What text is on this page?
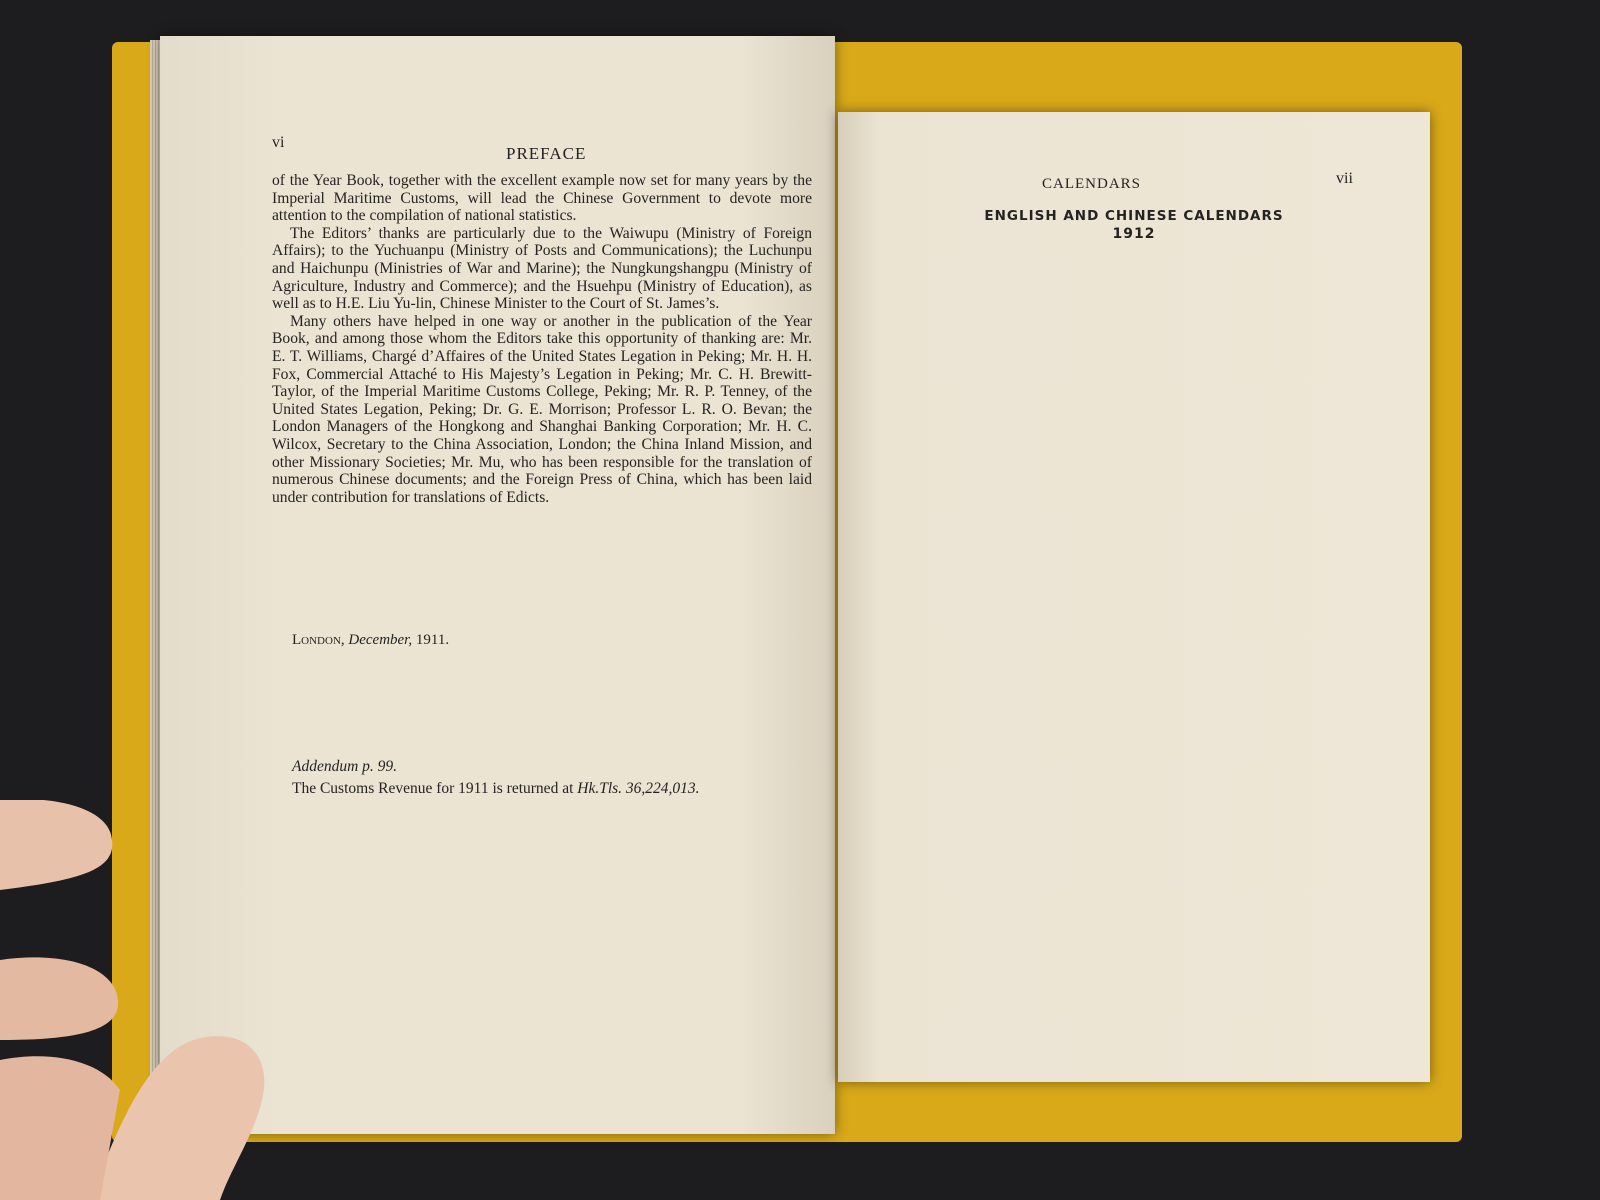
vi
PREFACE

of the Year Book, together with the excellent example now set for many years by the Imperial Maritime Customs, will lead the Chinese Government to devote more attention to the compilation of national statistics.

The Editors’ thanks are particularly due to the Waiwupu (Ministry of Foreign Affairs); to the Yuchuanpu (Ministry of Posts and Communications); the Luchunpu and Haichunpu (Ministries of War and Marine); the Nungkungshangpu (Ministry of Agriculture, Industry and Commerce); and the Hsuehpu (Ministry of Education), as well as to H.E. Liu Yu-lin, Chinese Minister to the Court of St. James’s.

Many others have helped in one way or another in the publication of the Year Book, and among those whom the Editors take this opportunity of thanking are: Mr. E. T. Williams, Chargé d’Affaires of the United States Legation in Peking; Mr. H. H. Fox, Commercial Attaché to His Majesty’s Legation in Peking; Mr. C. H. Brewitt-Taylor, of the Imperial Maritime Customs College, Peking; Mr. R. P. Tenney, of the United States Legation, Peking; Dr. G. E. Morrison; Professor L. R. O. Bevan; the London Managers of the Hongkong and Shanghai Banking Corporation; Mr. H. C. Wilcox, Secretary to the China Association, London; the China Inland Mission, and other Missionary Societies; Mr. Mu, who has been responsible for the translation of numerous Chinese documents; and the Foreign Press of China, which has been laid under contribution for translations of Edicts.

London, December, 1911.
Addendum p. 99.
The Customs Revenue for 1911 is returned at Hk.Tls. 36,224,013.
CALENDARS	vii
ENGLISH AND CHINESE CALENDARS
1912
